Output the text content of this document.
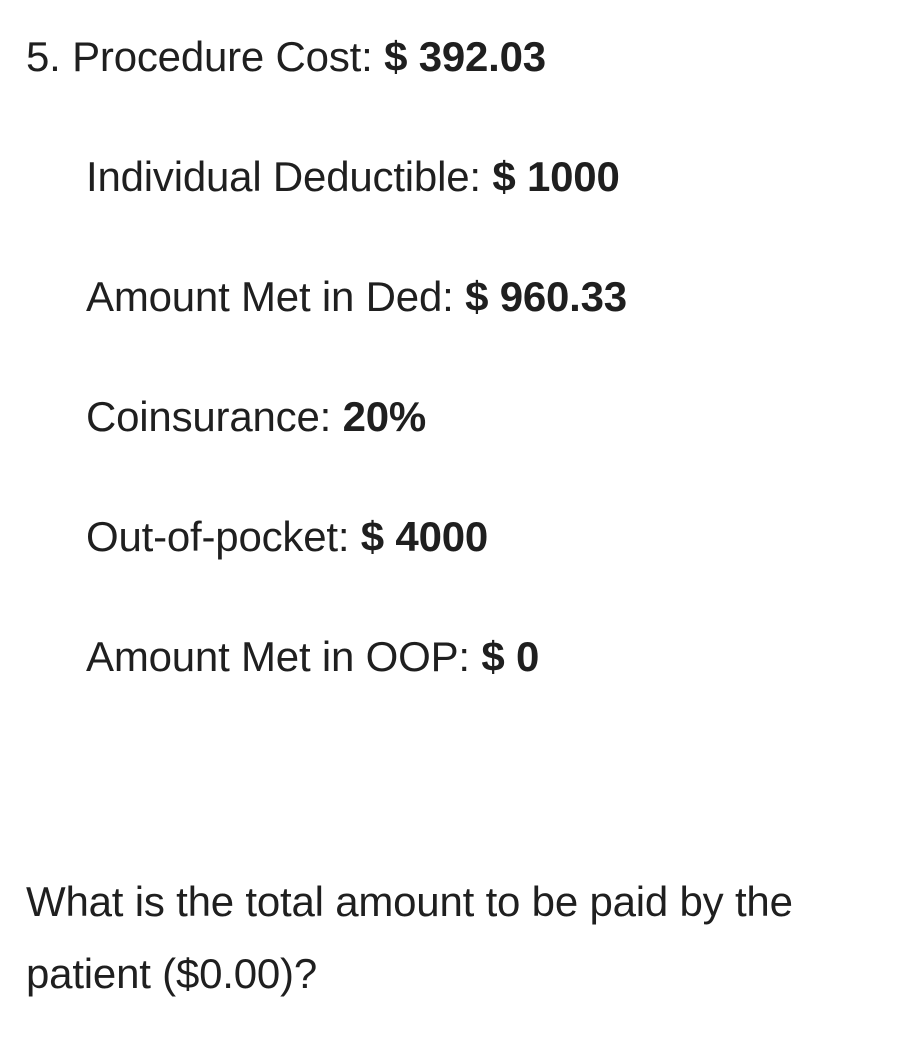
5. Procedure Cost: $ 392.03
Individual Deductible: $ 1000
Amount Met in Ded: $ 960.33
Coinsurance: 20%
Out-of-pocket: $ 4000
Amount Met in OOP: $ 0
What is the total amount to be paid by the patient ($0.00)?
